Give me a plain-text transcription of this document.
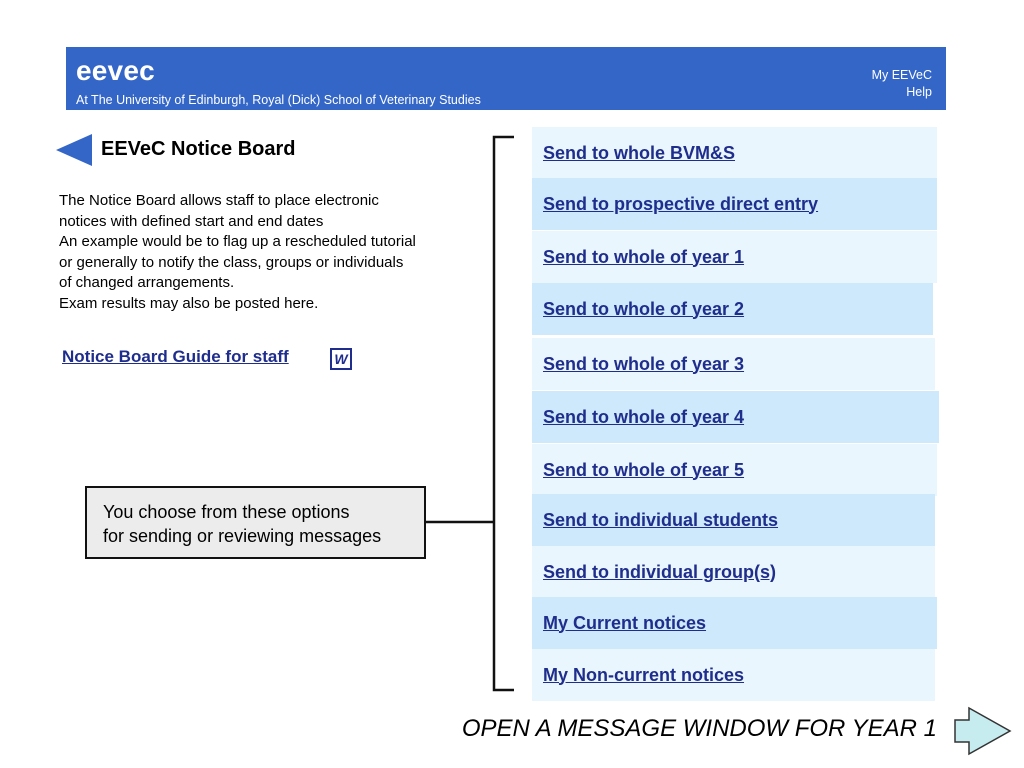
eevec
At The University of Edinburgh, Royal (Dick) School of Veterinary Studies
My EEVeC
Help
EEVeC Notice Board

The Notice Board allows staff to place electronic

notices with defined start and end dates

An example would be to flag up a rescheduled tutorial

or generally to notify the class, groups or individuals

of changed arrangements.

Exam results may also be posted here.

Notice Board Guide for staff	W

You choose from these options

for sending or reviewing messages

Send to whole BVM&S
Send to prospective direct entry
Send to whole of year 1
Send to whole of year 2
Send to whole of year 3
Send to whole of year 4
Send to whole of year 5
Send to individual students
Send to individual group(s)
My Current notices
My Non-current notices
OPEN A MESSAGE WINDOW FOR YEAR 1
